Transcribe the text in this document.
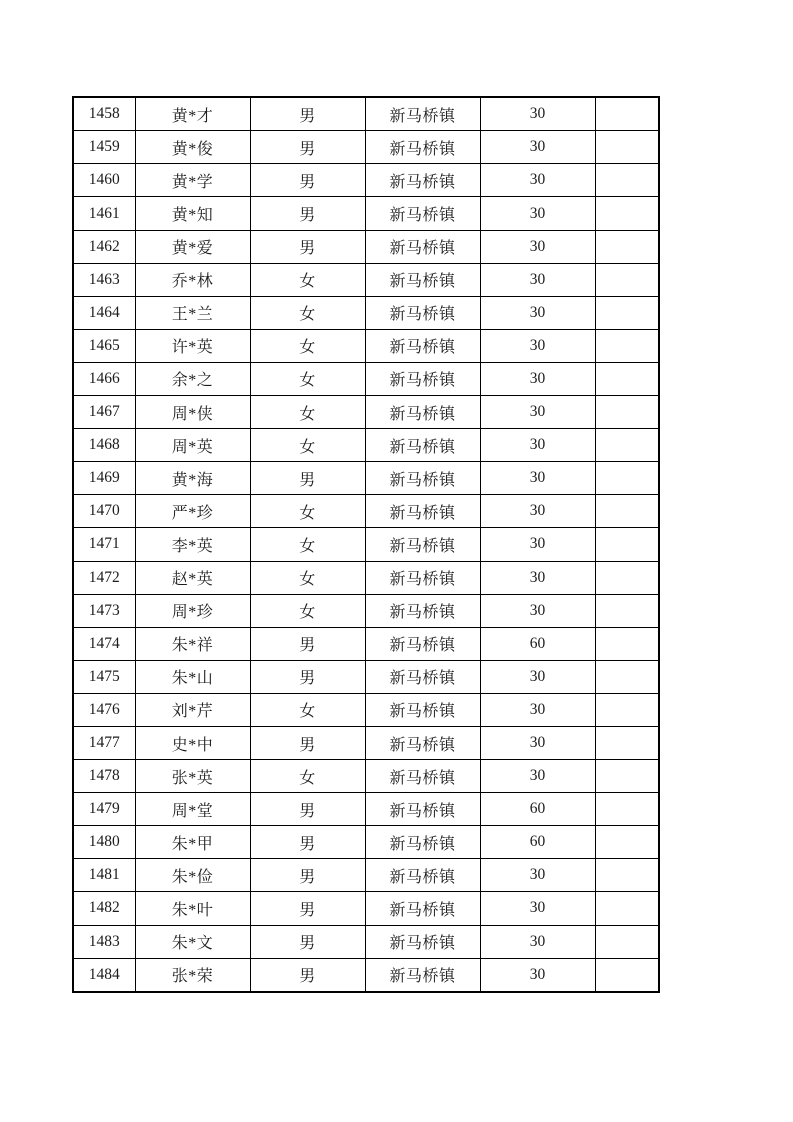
1458	黄*才	男	新马桥镇	30	
1459	黄*俊	男	新马桥镇	30	
1460	黄*学	男	新马桥镇	30	
1461	黄*知	男	新马桥镇	30	
1462	黄*爱	男	新马桥镇	30	
1463	乔*林	女	新马桥镇	30	
1464	王*兰	女	新马桥镇	30	
1465	许*英	女	新马桥镇	30	
1466	余*之	女	新马桥镇	30	
1467	周*侠	女	新马桥镇	30	
1468	周*英	女	新马桥镇	30	
1469	黄*海	男	新马桥镇	30	
1470	严*珍	女	新马桥镇	30	
1471	李*英	女	新马桥镇	30	
1472	赵*英	女	新马桥镇	30	
1473	周*珍	女	新马桥镇	30	
1474	朱*祥	男	新马桥镇	60	
1475	朱*山	男	新马桥镇	30	
1476	刘*芹	女	新马桥镇	30	
1477	史*中	男	新马桥镇	30	
1478	张*英	女	新马桥镇	30	
1479	周*堂	男	新马桥镇	60	
1480	朱*甲	男	新马桥镇	60	
1481	朱*俭	男	新马桥镇	30	
1482	朱*叶	男	新马桥镇	30	
1483	朱*文	男	新马桥镇	30	
1484	张*荣	男	新马桥镇	30	
